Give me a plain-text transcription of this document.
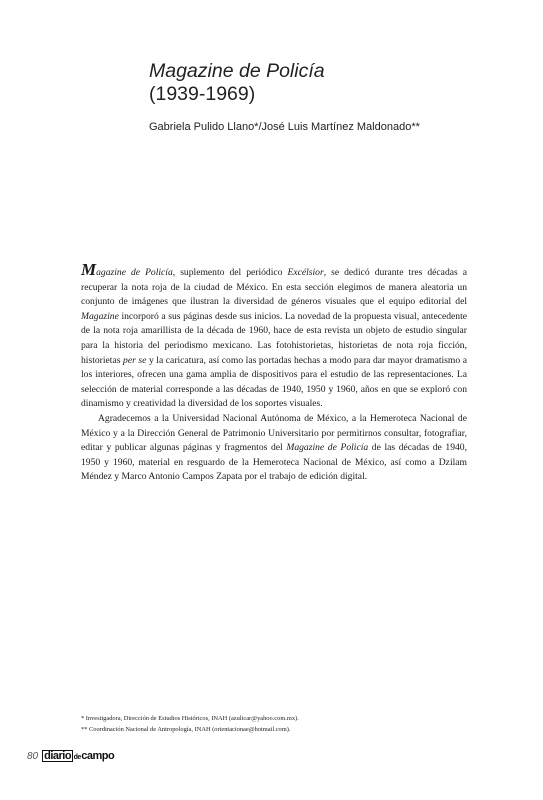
Magazine de Policía
(1939-1969)
Gabriela Pulido Llano*/José Luis Martínez Maldonado**

Magazine de Policía, suplemento del periódico Excélsior, se dedicó durante tres décadas a recuperar la nota roja de la ciudad de México. En esta sección elegimos de manera aleatoria un conjunto de imágenes que ilustran la diversidad de géneros visuales que el equipo editorial del Magazine incorporó a sus páginas desde sus inicios. La novedad de la propuesta visual, antecedente de la nota roja amarillista de la década de 1960, hace de esta revista un objeto de estudio singular para la historia del periodismo mexicano. Las fotohistorietas, historietas de nota roja ficción, historietas per se y la caricatura, así como las portadas hechas a modo para dar mayor dramatismo a los interiores, ofrecen una gama amplia de dispositivos para el estudio de las representaciones. La selección de material corresponde a las décadas de 1940, 1950 y 1960, años en que se exploró con dinamismo y creatividad la diversidad de los soportes visuales.

Agradecemos a la Universidad Nacional Autónoma de México, a la Hemeroteca Nacional de México y a la Dirección General de Patrimonio Universitario por permitirnos consultar, fotografiar, editar y publicar algunas páginas y fragmentos del Magazine de Policía de las décadas de 1940, 1950 y 1960, material en resguardo de la Hemeroteca Nacional de México, así como a Dzilam Méndez y Marco Antonio Campos Zapata por el trabajo de edición digital.

* Investigadora, Dirección de Estudios Históricos, INAH (azulicar@yahoo.com.mx).

** Coordinación Nacional de Antropología, INAH (orientacionae@hotmail.com).

80 diario de campo
